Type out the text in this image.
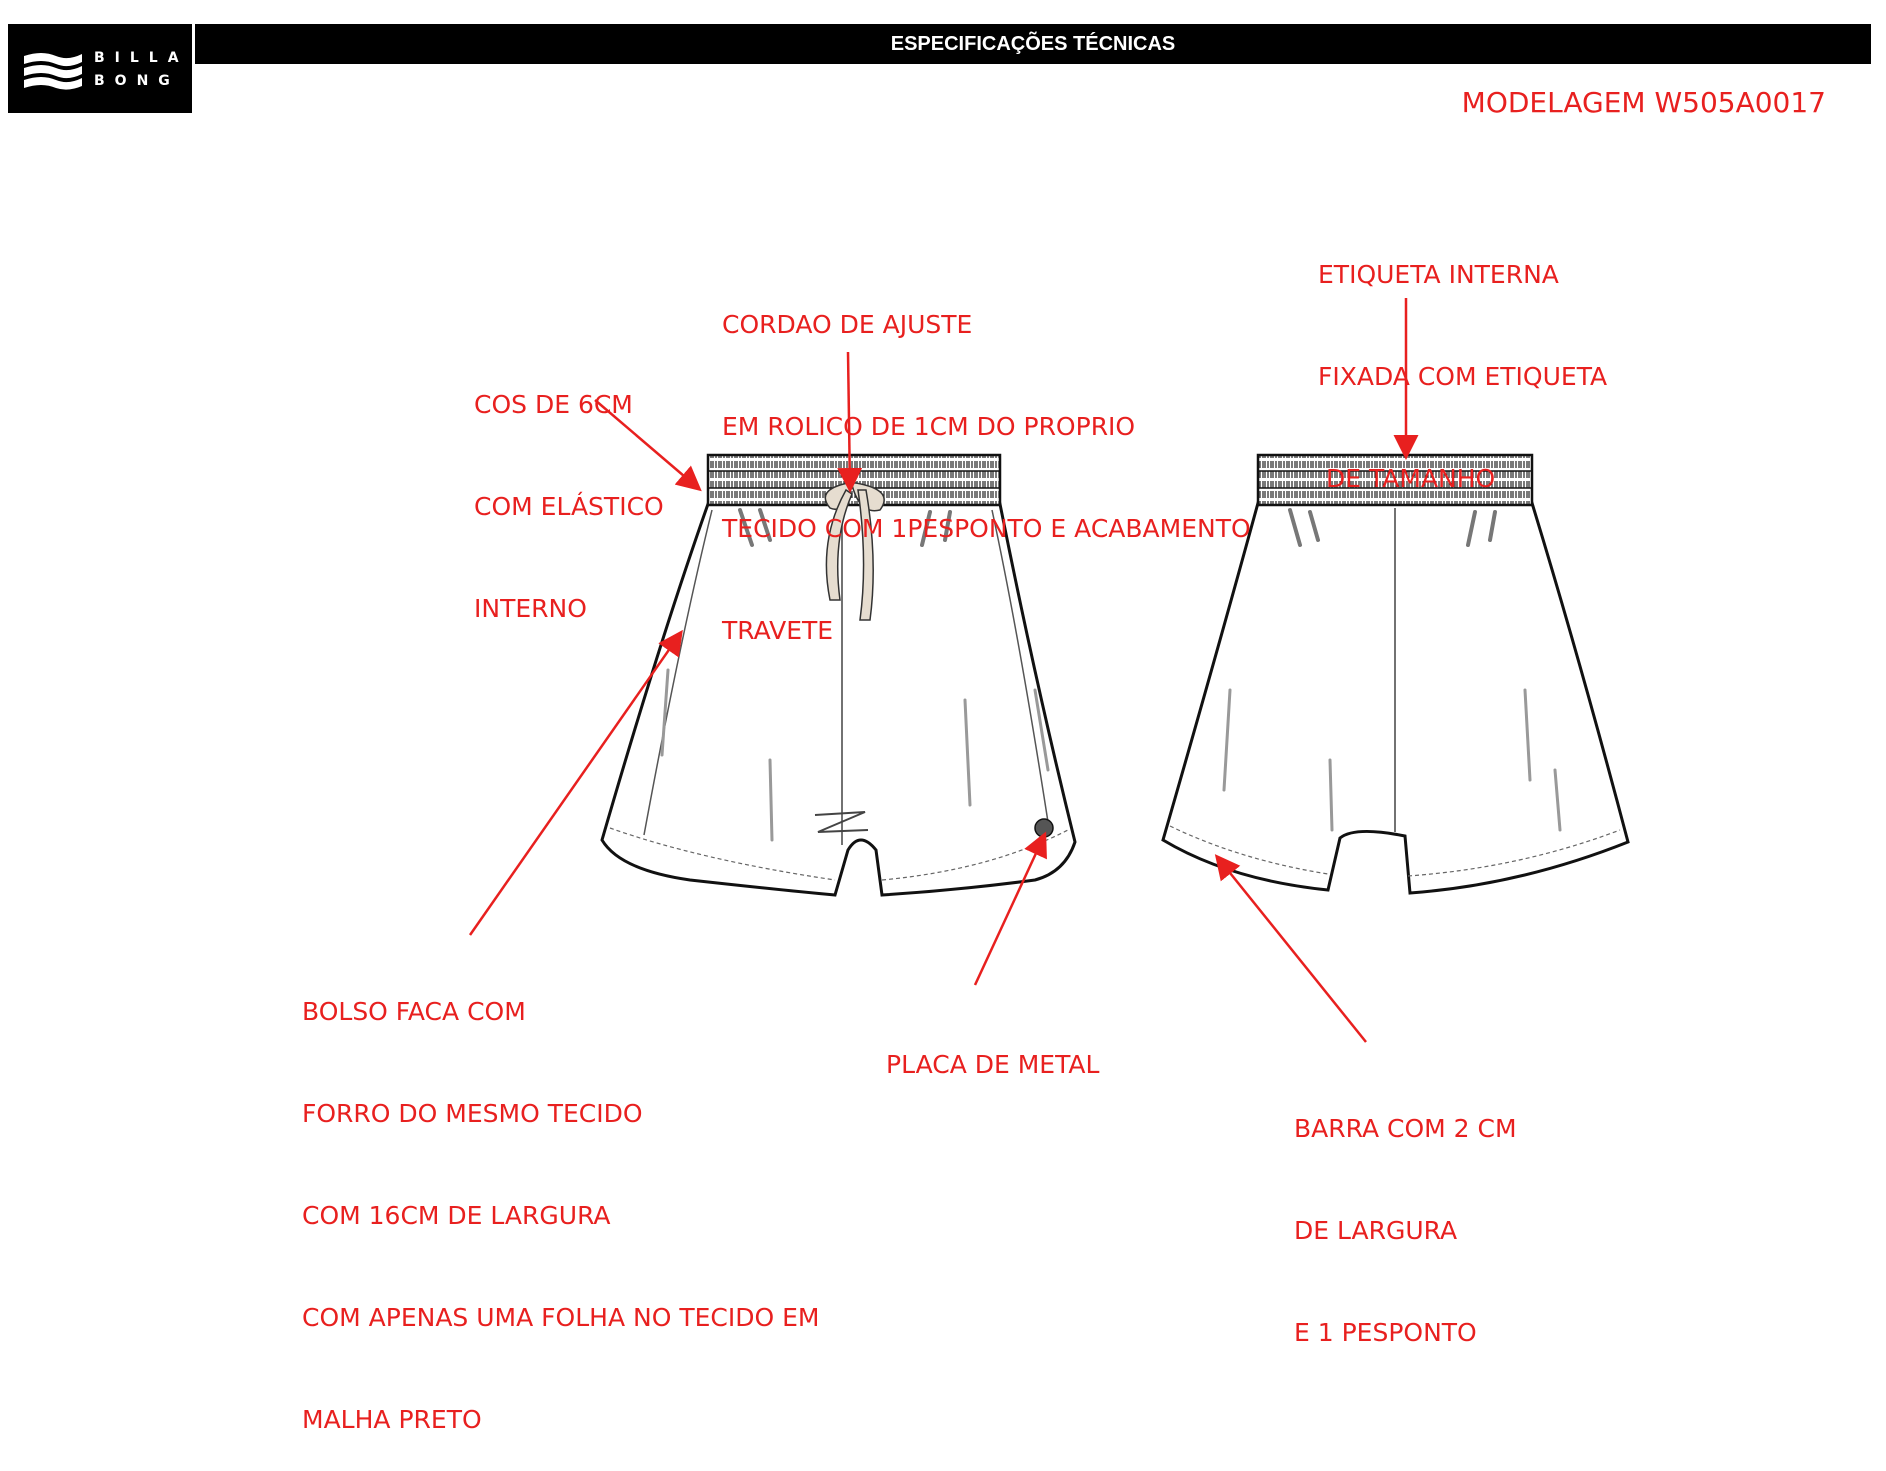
BILLA
BONG
ESPECIFICAÇÕES TÉCNICAS
MODELAGEM W505A0017

COS DE 6CM

COM ELÁSTICO

INTERNO

CORDAO DE AJUSTE

EM ROLICO DE 1CM DO PROPRIO

TECIDO COM 1PESPONTO E ACABAMENTO

TRAVETE

ETIQUETA INTERNA

FIXADA COM ETIQUETA

DE TAMANHO

BOLSO FACA COM

FORRO DO MESMO TECIDO

COM 16CM DE LARGURA

COM APENAS UMA FOLHA NO TECIDO EM

MALHA PRETO

PLACA DE METAL

BARRA COM 2 CM

DE LARGURA

E 1 PESPONTO
